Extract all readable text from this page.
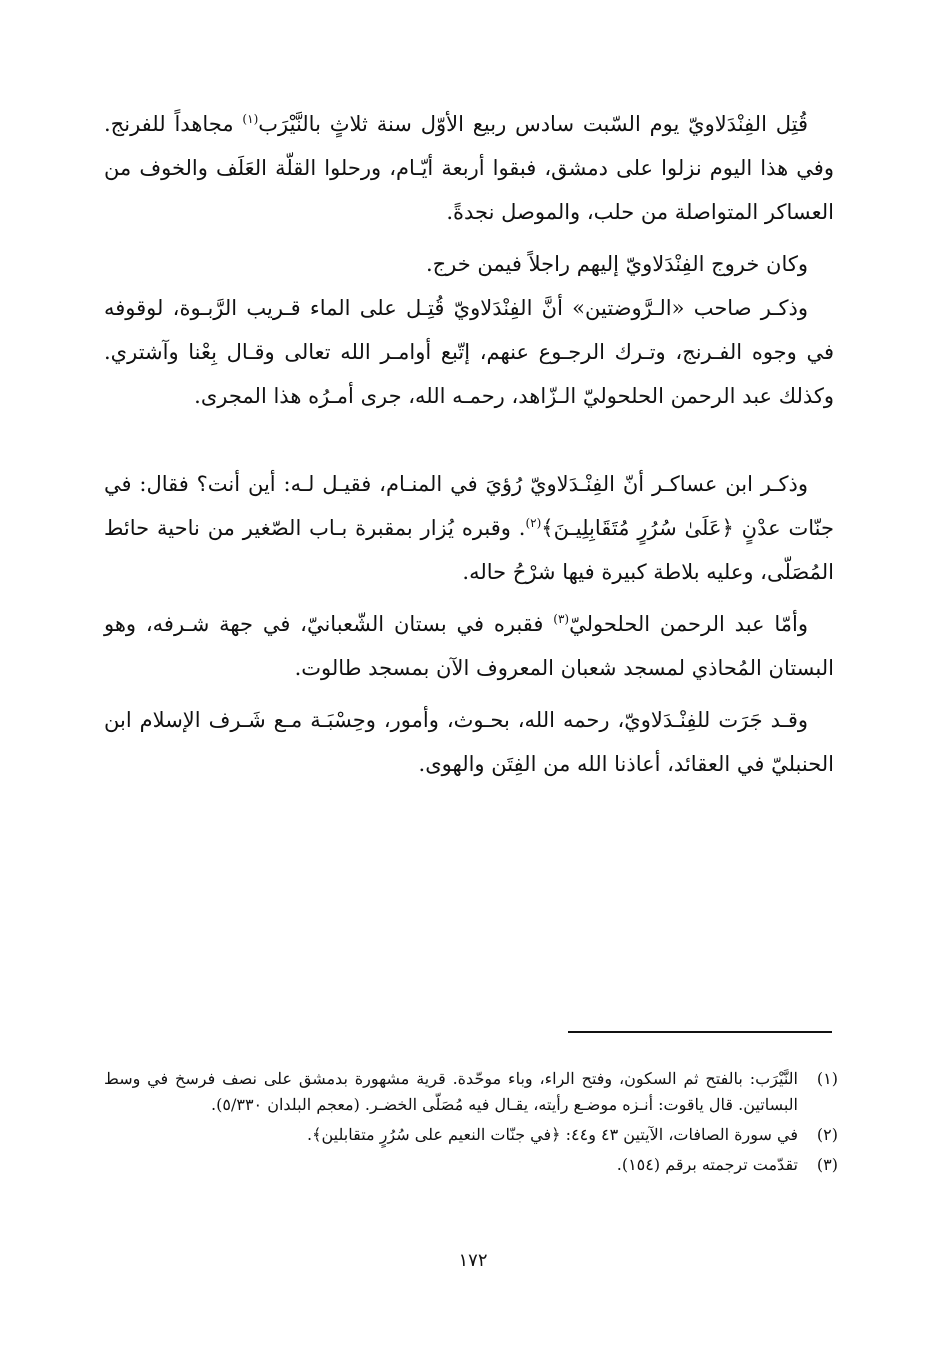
قُتِل الفِنْدَلاويّ يوم السّبت سادس ربيع الأوّل سنة ثلاثٍ بالنَّيْرَب$^{(١)}$ مجاهداً للفرنج. وفي هذا اليوم نزلوا على دمشق، فبقوا أربعة أيّـام، ورحلوا القلّة العَلَف والخوف من العساكر المتواصلة من حلب، والموصل نجدةً.

وكان خروج الفِنْدَلاويّ إليهم راجلاً فيمن خرج.

وذكـر صاحب «الـرَّوضتين» أنَّ الفِنْدَلاويّ قُتِـل على الماء قـريب الرَّبـوة، لوقوفه في وجوه الفـرنج، وتـرك الرجـوع عنهم، إتّبع أوامـر الله تعالى وقـال بِعْنا وآشتري. وكذلك عبد الرحمن الحلحوليّ الـزّاهد، رحمـه الله، جرى أمـرُه هذا المجرى.

وذكـر ابن عساكـر أنّ الفِنْـدَلاويّ رُؤيَ في المنـام، فقيـل لـه: أين أنت؟ فقال: في جنّات عدْنٍ ﴿عَلَىٰ سُرُرٍ مُتَقَابِلِيـنَ﴾$^{(٢)}$. وقبره يُزار بمقبرة بـاب الصّغير من ناحية حائط المُصَلّى، وعليه بلاطة كبيرة فيها شرْحُ حاله.

وأمّا عبد الرحمن الحلحوليّ$^{(٣)}$ فقبره في بستان الشّعبانيّ، في جهة شـرفه، وهو البستان المُحاذي لمسجد شعبان المعروف الآن بمسجد طالوت.

وقـد جَرَت للفِنْـدَلاويّ، رحمه الله، بحـوث، وأمور، وحِسْبَـة مـع شَـرف الإسلام ابن الحنبليّ في العقائد، أعاذنا الله من الفِتَن والهوى.

(١)
النَّيْرَب: بالفتح ثم السكون، وفتح الراء، وباء موحّدة. قرية مشهورة بدمشق على نصف فرسخ في وسط البساتين. قال ياقوت: أنـزه موضـع رأيته، يقـال فيه مُصَلّى الخضـر. (معجم البلدان ٥/٣٣٠).
(٢)
في سورة الصافات، الآيتين ٤٣ و٤٤: ﴿في جنّات النعيم على سُرُرٍ متقابلين﴾.
(٣)
تقدّمت ترجمته برقم (١٥٤).
١٧٢
